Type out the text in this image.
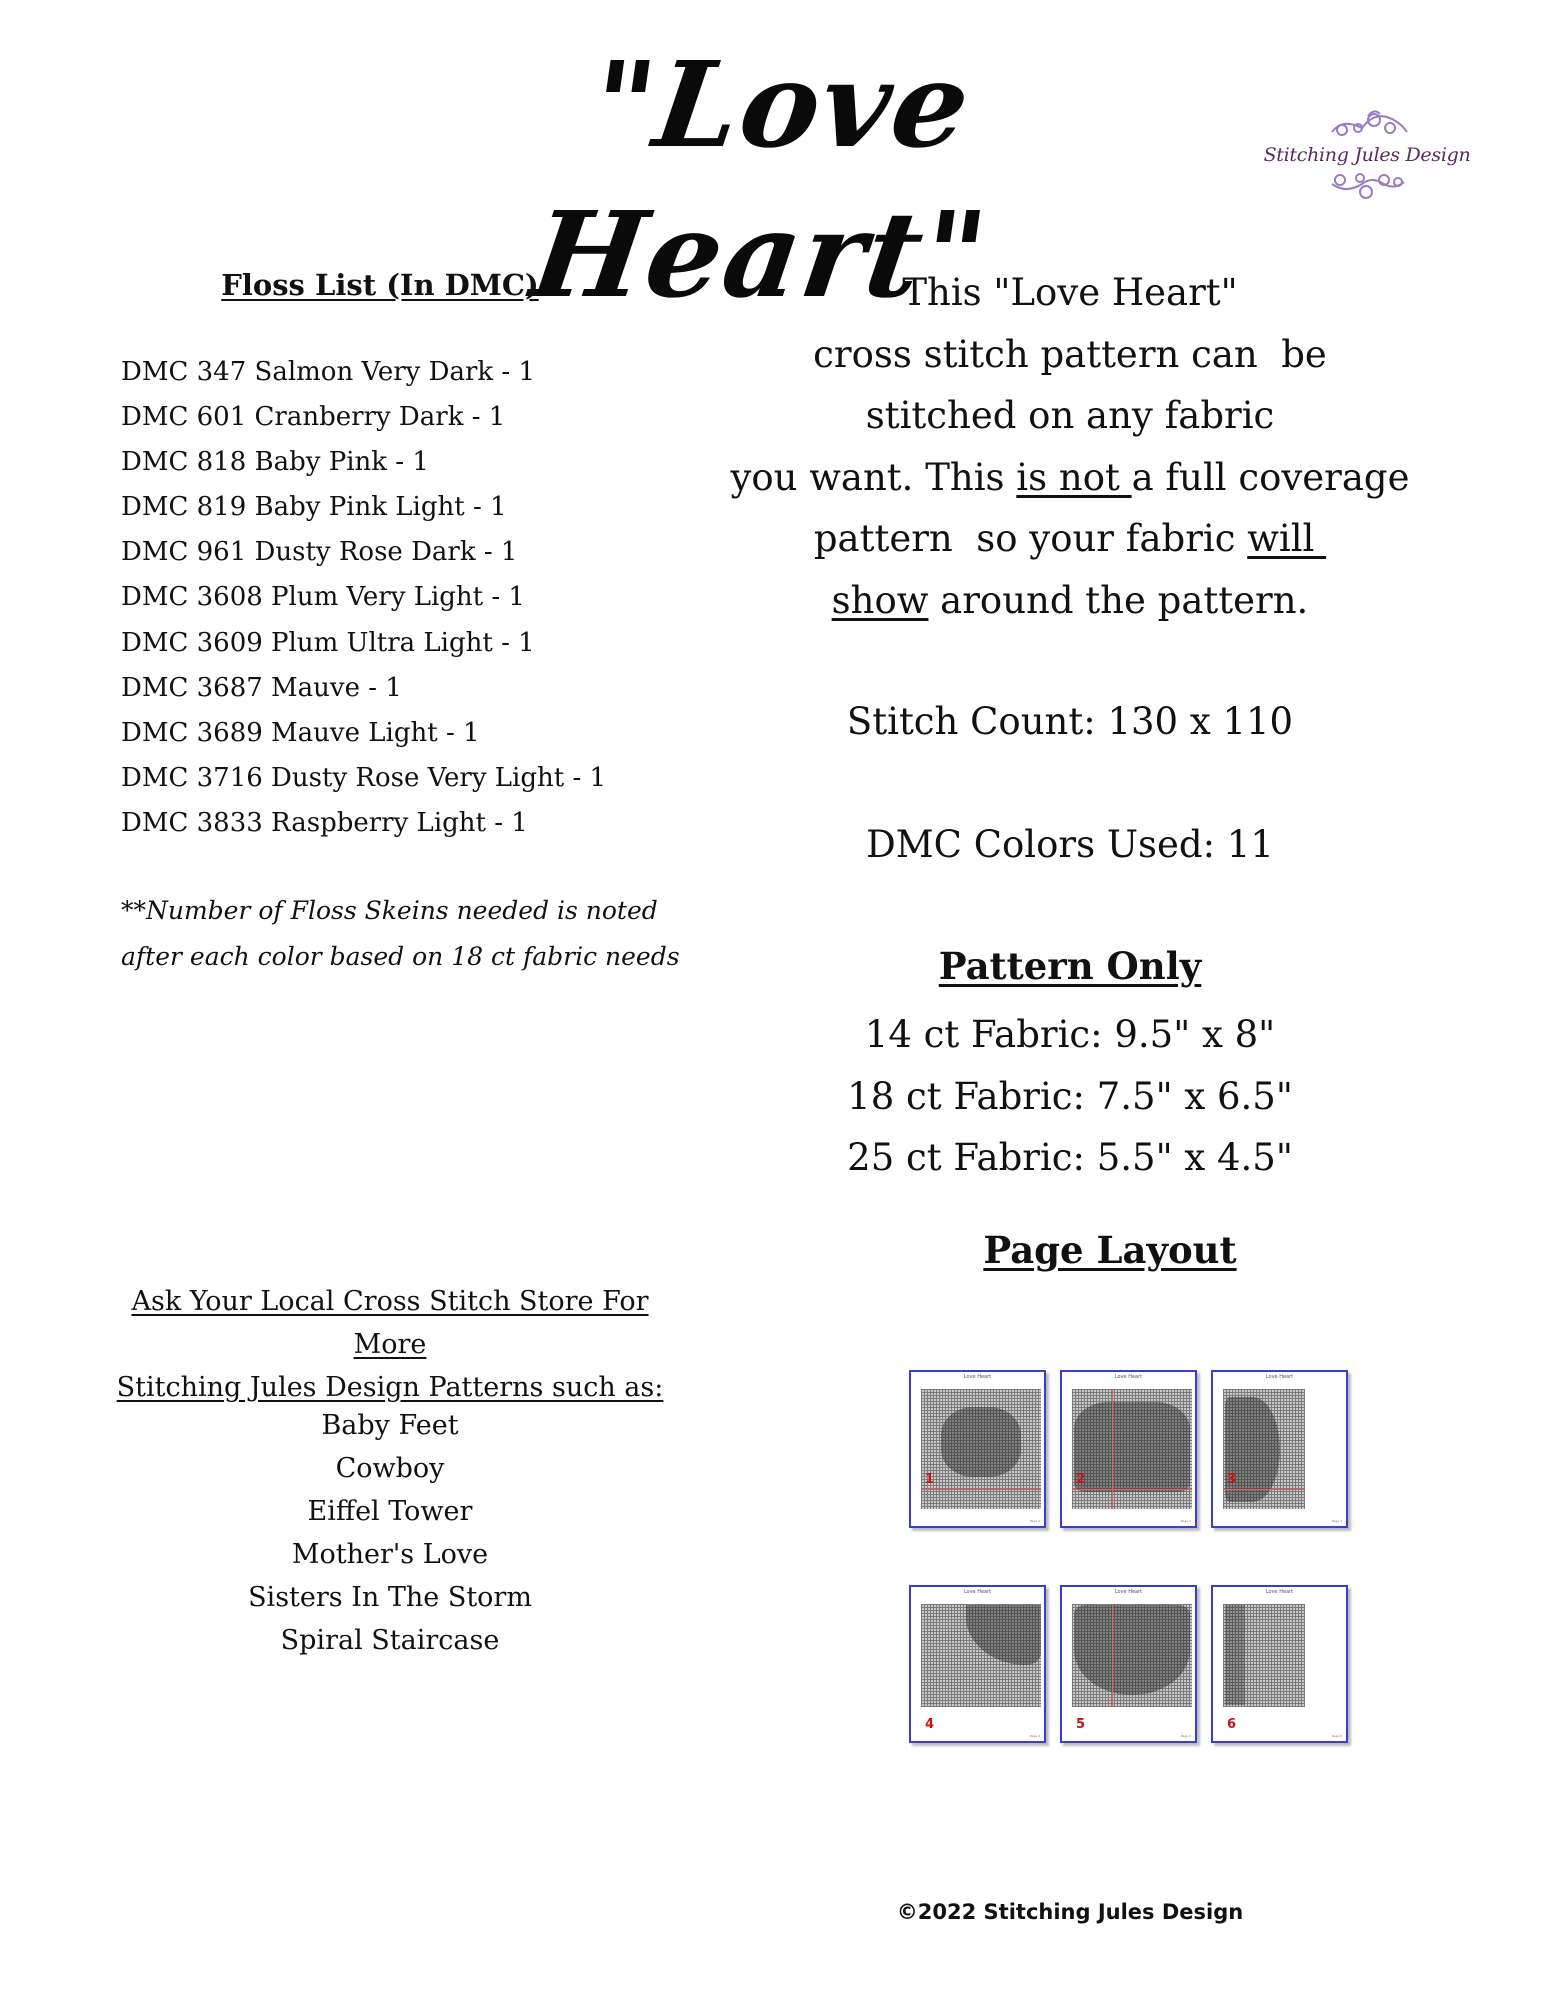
"Love Heart"
Stitching Jules Design
Floss List (In DMC)
DMC 347 Salmon Very Dark - 1
DMC 601 Cranberry Dark - 1
DMC 818 Baby Pink - 1
DMC 819 Baby Pink Light - 1
DMC 961 Dusty Rose Dark - 1
DMC 3608 Plum Very Light - 1
DMC 3609 Plum Ultra Light - 1
DMC 3687 Mauve - 1
DMC 3689 Mauve Light - 1
DMC 3716 Dusty Rose Very Light - 1
DMC 3833 Raspberry Light - 1
**Number of Floss Skeins needed is noted
after each color based on 18 ct fabric needs

This "Love Heart"

cross stitch pattern can  be

stitched on any fabric

you want. This is not a full coverage

pattern  so your fabric will

show around the pattern.

Stitch Count: 130 x 110
DMC Colors Used: 11
Pattern Only
14 ct Fabric: 9.5" x 8"
18 ct Fabric: 7.5" x 6.5"
25 ct Fabric: 5.5" x 4.5"
Page Layout
Love Heart
1
Page 1
Love Heart
2
Page 2
Love Heart
3
Page 3
Love Heart
4
Page 4
Love Heart
5
Page 5
Love Heart
6
Page 6
Ask Your Local Cross Stitch Store For More
Stitching Jules Design Patterns such as:
Baby Feet
Cowboy
Eiffel Tower
Mother's Love
Sisters In The Storm
Spiral Staircase
©2022 Stitching Jules Design
